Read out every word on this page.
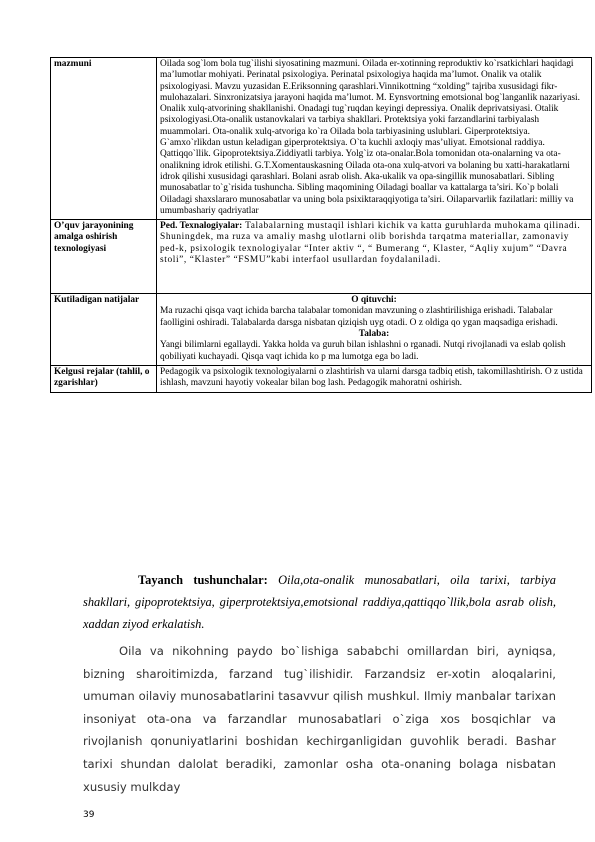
mazmuni	Oilada sog`lom bola tug`ilishi siyosatining mazmuni. Oilada er-xotinning reproduktiv ko`rsatkichlari haqidagi ma’lumotlar mohiyati. Perinatal psixologiya. Perinatal psixologiya haqida ma’lumot. Onalik va otalik psixologiyasi. Mavzu yuzasidan E.Eriksonning qarashlari.Vinnikottning “xolding” tajriba xususidagi fikr-mulohazalari. Sinxronizatsiya jarayoni haqida ma’lumot. M. Eynsvortning emotsional bog`langanlik nazariyasi. Onalik xulq-atvorining shakllanishi. Onadagi tug`ruqdan keyingi depressiya. Onalik deprivatsiyasi. Otalik psixologiyasi.Ota-onalik ustanovkalari va tarbiya shakllari. Protektsiya yoki farzandlarini tarbiyalash muammolari. Ota-onalik xulq-atvoriga ko`ra Oilada bola tarbiyasining uslublari. Giperprotektsiya. G`amxo`rlikdan ustun keladigan giperprotektsiya. O`ta kuchli axloqiy mas’uliyat. Emotsional raddiya. Qattiqqo`llik. Gipoprotektsiya.Ziddiyatli tarbiya. Yolg`iz ota-onalar.Bola tomonidan ota-onalarning va ota-onalikning idrok etilishi. G.T.Xomentauskasning Oilada ota-ona xulq-atvori va bolaning bu xatti-harakatlarni idrok qilishi xususidagi qarashlari. Bolani asrab olish. Aka-ukalik va opa-singillik munosabatlari. Sibling munosabatlar to`g`risida tushuncha. Sibling maqomining Oiladagi boallar va kattalarga ta’siri. Ko`p bolali Oiladagi shaxslararo munosabatlar va uning bola psixiktaraqqiyotiga ta’siri. Oilaparvarlik fazilatlari: milliy va umumbashariy qadriyatlar
O’quv jarayonining amalga oshirish texnologiyasi	Ped. Texnalogiyalar: Talabalarning mustaqil ishlari kichik va katta guruhlarda muhokama qilinadi. Shuningdek, ma ruza va amaliy mashg ulotlarni olib borishda tarqatma materiallar, zamonaviy ped-k, psixologik texnologiyalar “Inter aktiv “, “ Bumerang “, Klaster, “Aqliy xujum” “Davra stoli”, “Klaster” “FSMU”kabi interfaol usullardan foydalaniladi.
Kutiladigan natijalar	O qituvchi:
Ma ruzachi qisqa vaqt ichida barcha talabalar tomonidan mavzuning o zlashtirilishiga erishadi. Talabalar faolligini oshiradi. Talabalarda darsga nisbatan qiziqish uyg otadi. O z oldiga qo ygan maqsadiga erishadi.
Talaba:
Yangi bilimlarni egallaydi. Yakka holda va guruh bilan ishlashni o rganadi. Nutqi rivojlanadi va eslab qolish qobiliyati kuchayadi. Qisqa vaqt ichida ko p ma lumotga ega bo ladi.

Kelgusi rejalar (tahlil, o zgarishlar)	Pedagogik va psixologik texnologiyalarni o zlashtirish va ularni darsga tadbiq etish, takomillashtirish. O z ustida ishlash, mavzuni hayotiy vokealar bilan bog lash. Pedagogik mahoratni oshirish.
Tayanch tushunchalar: Oila,ota-onalik munosabatlari, oila tarixi, tarbiya shakllari, gipoprotektsiya, giperprotektsiya,emotsional raddiya,qattiqqo`llik,bola asrab olish, xaddan ziyod erkalatish.
Oila va nikohning paydo bo`lishiga sababchi omillardan biri, ayniqsa, bizning sharoitimizda, farzand tug`ilishidir. Farzandsiz er-xotin aloqalarini, umuman oilaviy munosabatlarini tasavvur qilish mushkul. Ilmiy manbalar tarixan insoniyat ota-ona va farzandlar munosabatlari o`ziga xos bosqichlar va rivojlanish qonuniyatlarini boshidan kechirganligidan guvohlik beradi. Bashar tarixi shundan dalolat beradiki, zamonlar osha ota-onaning bolaga nisbatan xususiy mulkday
39
